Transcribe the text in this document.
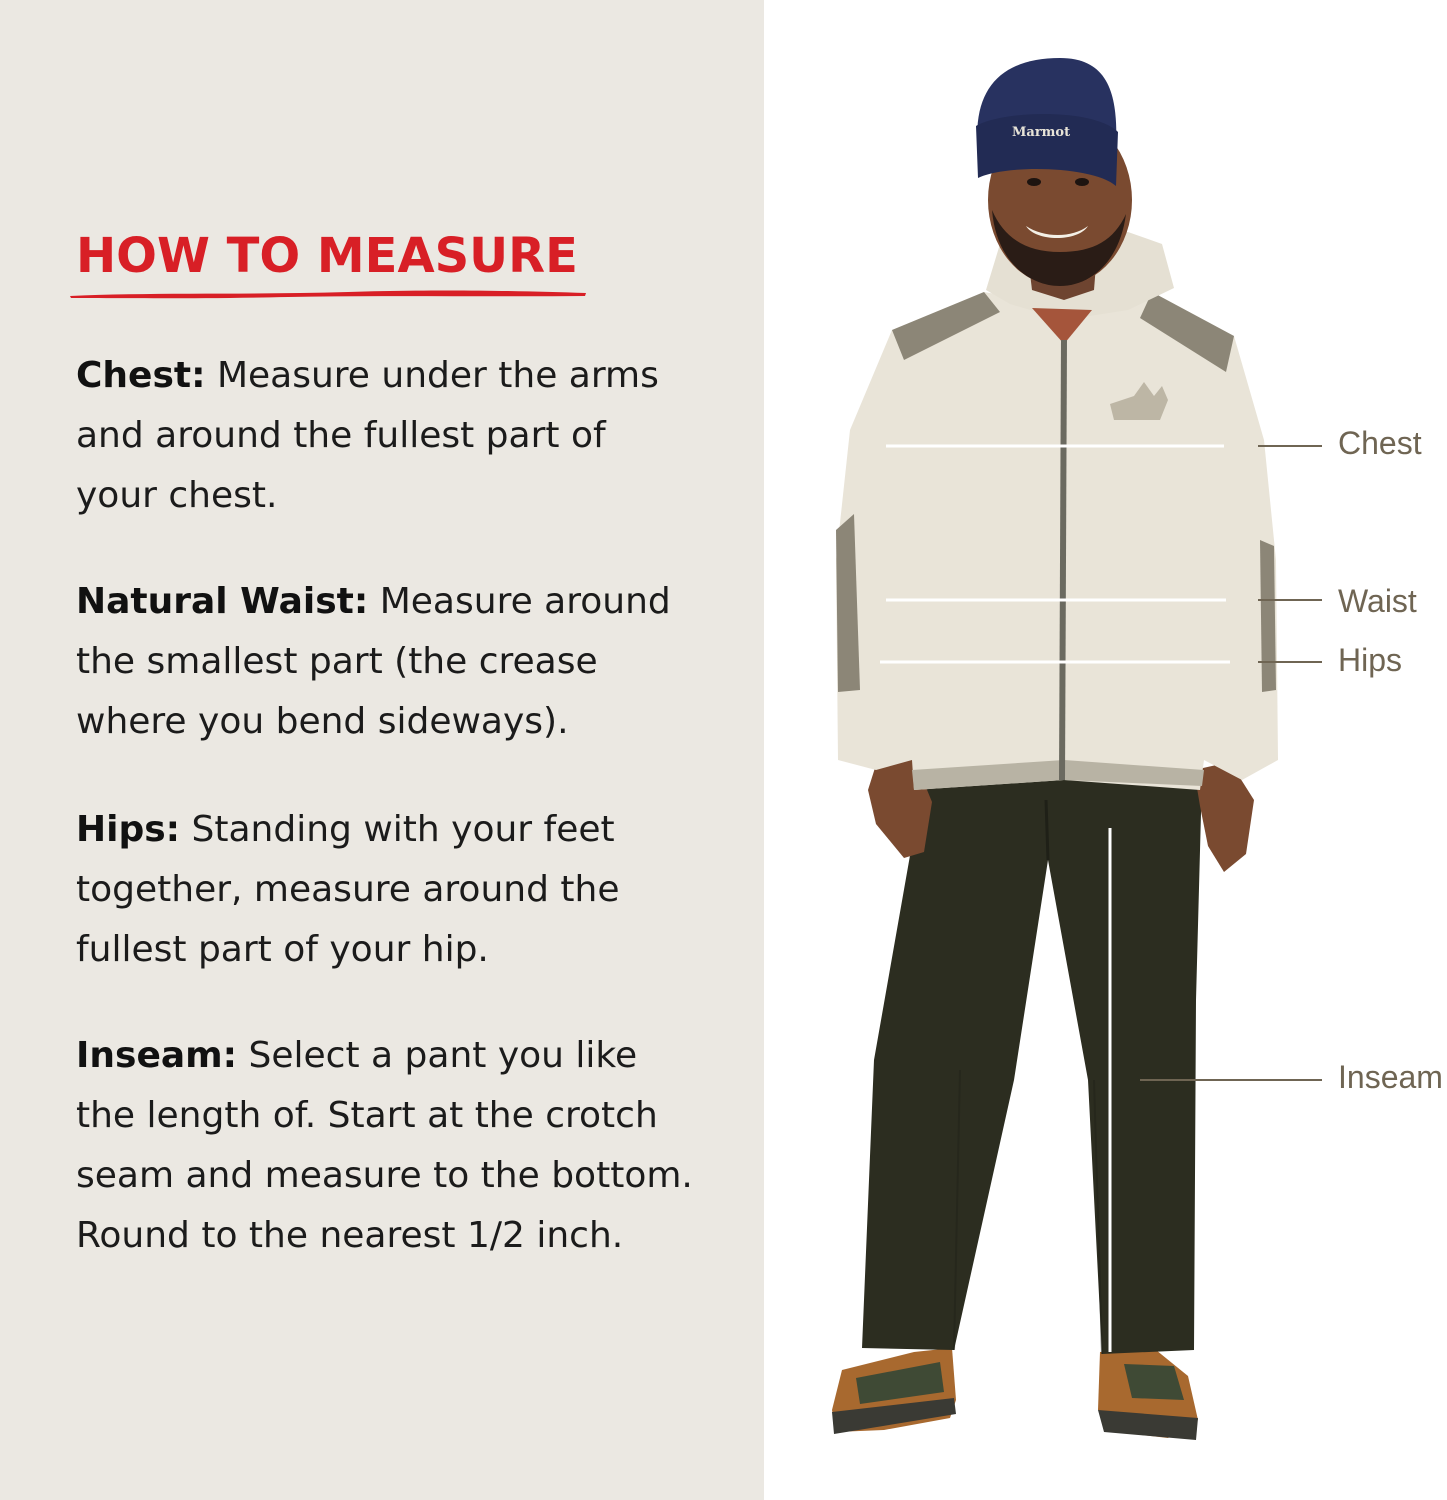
HOW TO MEASURE

Chest: Measure under the arms and around the fullest part of your chest.

Natural Waist: Measure around the smallest part (the crease where you bend sideways).

Hips: Standing with your feet together, measure around the fullest part of your hip.

Inseam: Select a pant you like the length of. Start at the crotch seam and measure to the bottom. Round to the nearest 1/2 inch.

Marmot
Chest
Waist
Hips
Inseam
